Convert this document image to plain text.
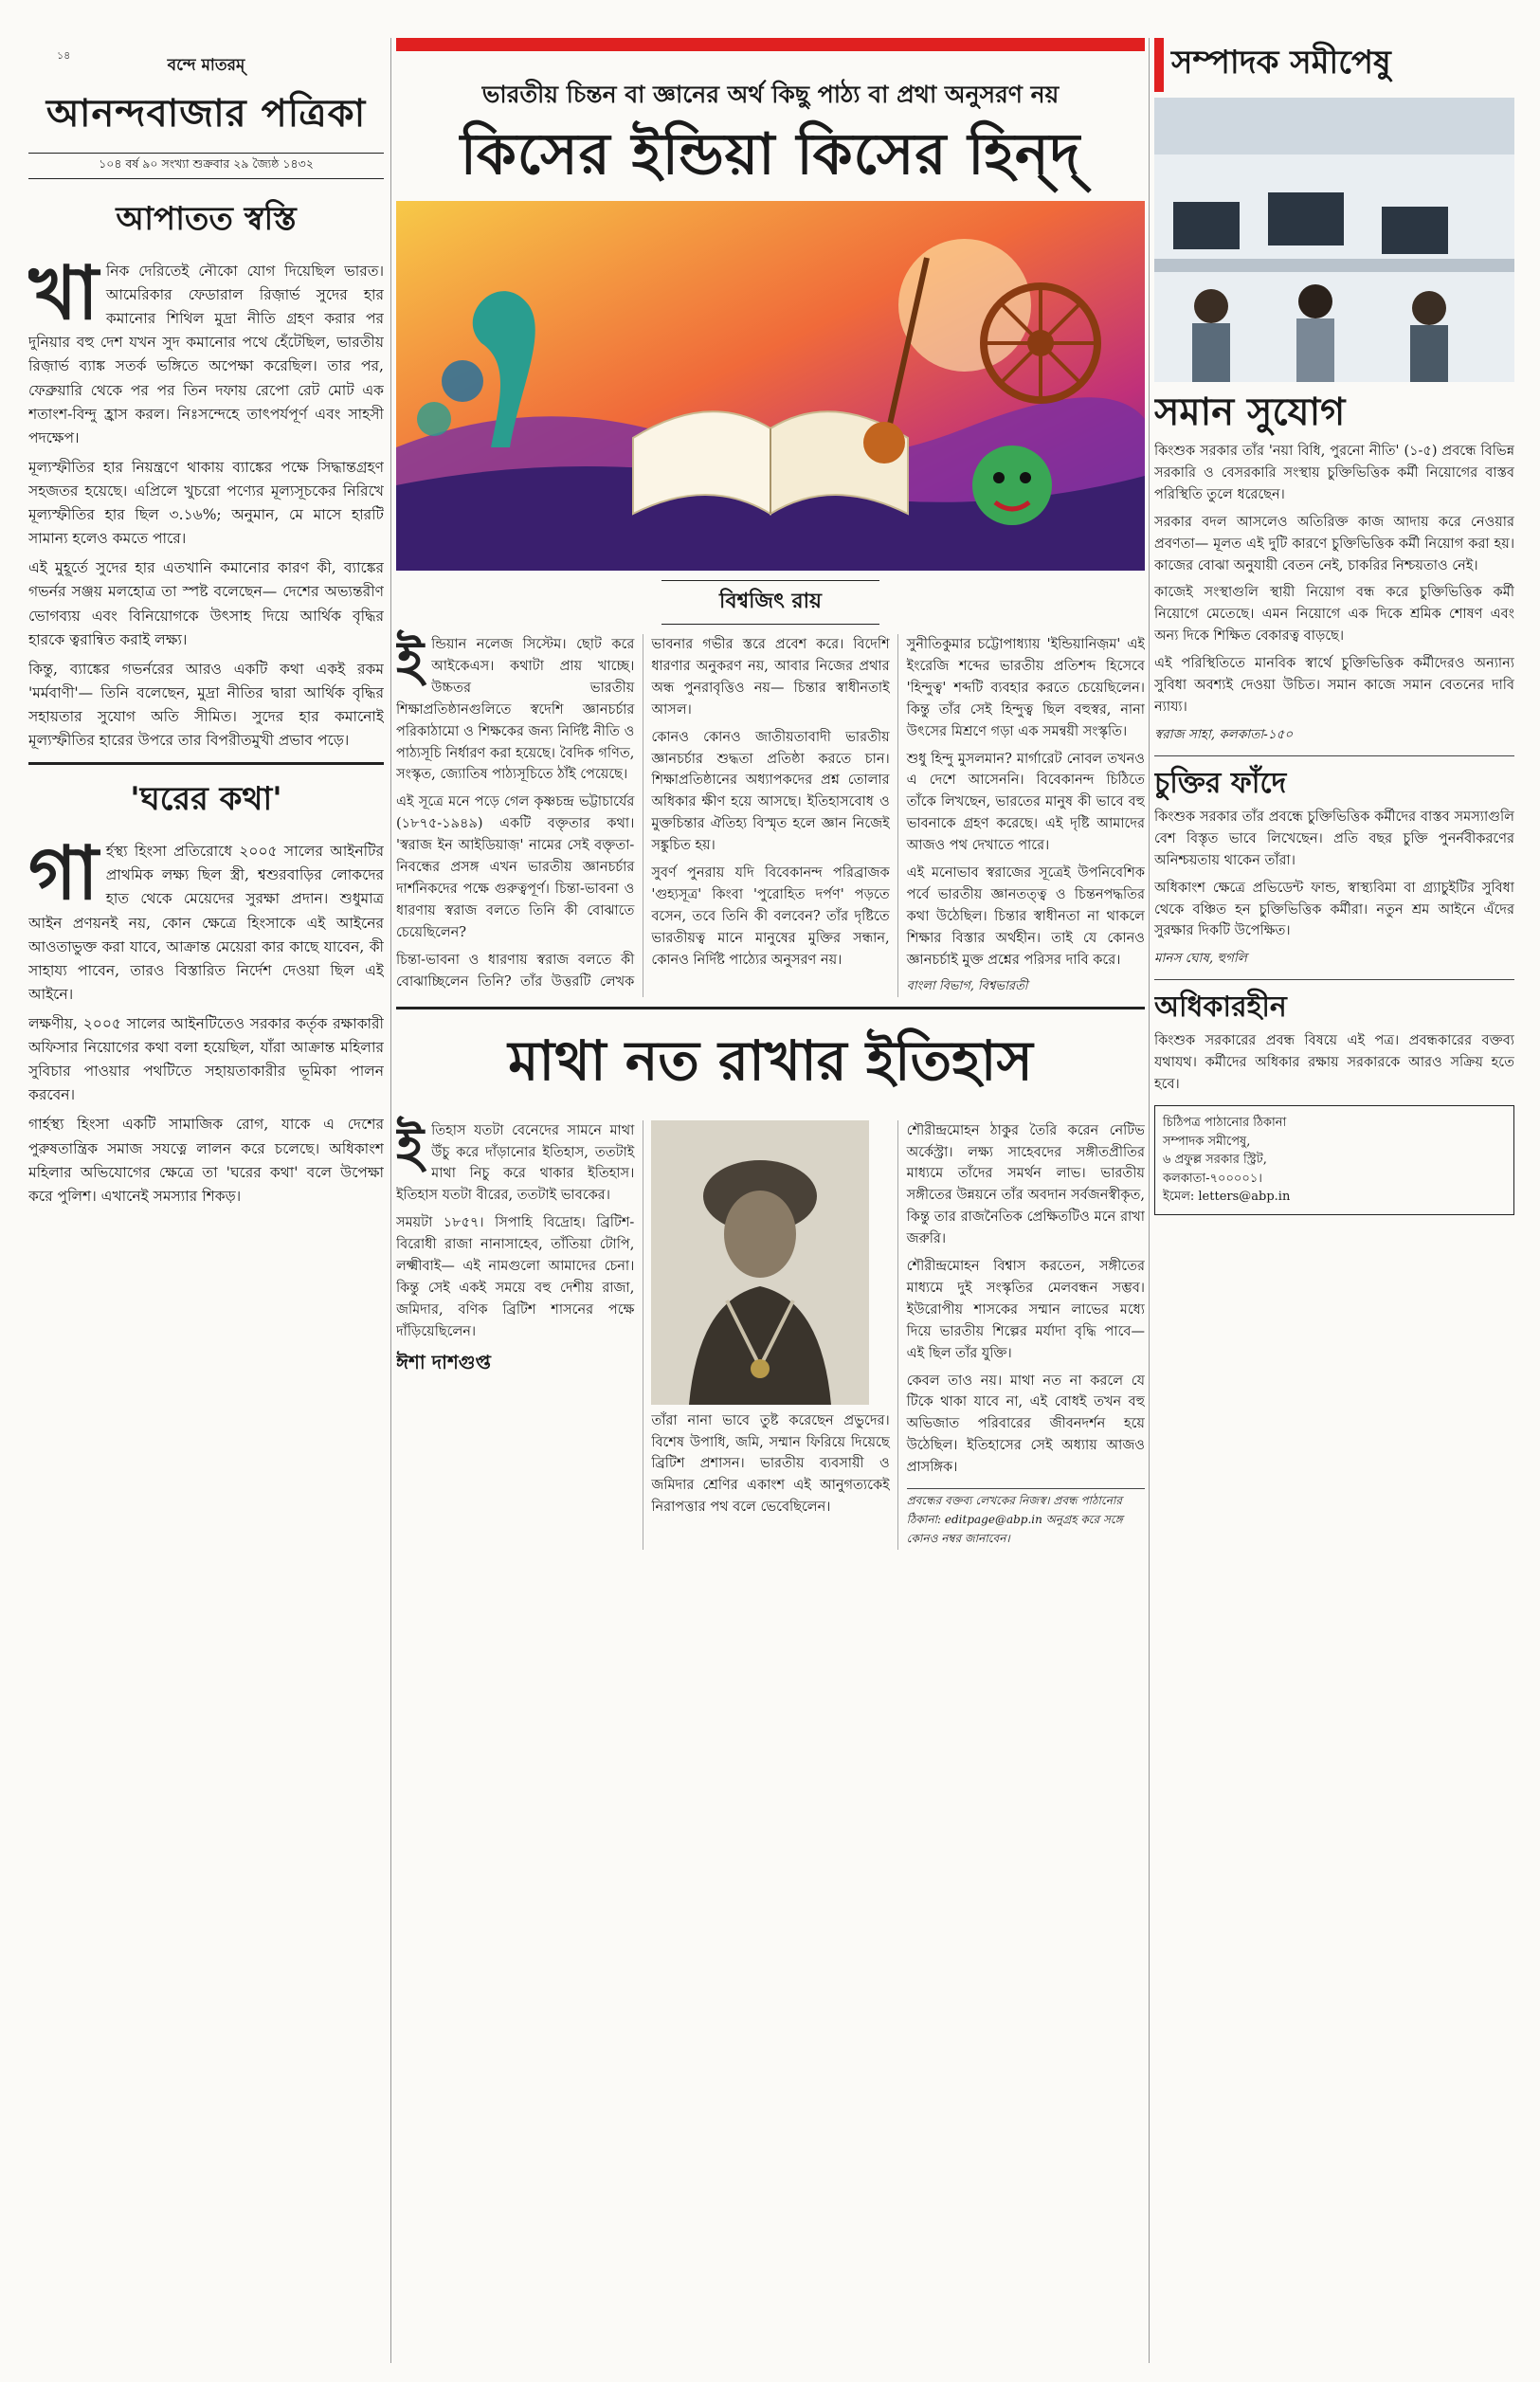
১৪
বন্দে মাতরম্
আনন্দবাজার পত্রিকা
১০৪ বর্ষ ৯০ সংখ্যা শুক্রবার ২৯ জ্যৈষ্ঠ ১৪৩২
আপাতত স্বস্তি

খানিক দেরিতেই নৌকো যোগ দিয়েছিল ভারত। আমেরিকার ফেডারাল রিজ়ার্ভ সুদের হার কমানোর শিথিল মুদ্রা নীতি গ্রহণ করার পর দুনিয়ার বহু দেশ যখন সুদ কমানোর পথে হেঁটেছিল, ভারতীয় রিজ়ার্ভ ব্যাঙ্ক সতর্ক ভঙ্গিতে অপেক্ষা করেছিল। তার পর, ফেব্রুয়ারি থেকে পর পর তিন দফায় রেপো রেট মোট এক শতাংশ-বিন্দু হ্রাস করল। নিঃসন্দেহে তাৎপর্যপূর্ণ এবং সাহসী পদক্ষেপ।

মূল্যস্ফীতির হার নিয়ন্ত্রণে থাকায় ব্যাঙ্কের পক্ষে সিদ্ধান্তগ্রহণ সহজতর হয়েছে। এপ্রিলে খুচরো পণ্যের মূল্যসূচকের নিরিখে মূল্যস্ফীতির হার ছিল ৩.১৬%; অনুমান, মে মাসে হারটি সামান্য হলেও কমতে পারে।

এই মুহূর্তে সুদের হার এতখানি কমানোর কারণ কী, ব্যাঙ্কের গভর্নর সঞ্জয় মলহোত্র তা স্পষ্ট বলেছেন— দেশের অভ্যন্তরীণ ভোগব্যয় এবং বিনিয়োগকে উৎসাহ দিয়ে আর্থিক বৃদ্ধির হারকে ত্বরান্বিত করাই লক্ষ্য।

কিন্তু, ব্যাঙ্কের গভর্নরের আরও একটি কথা একই রকম 'মর্মবাণী'— তিনি বলেছেন, মুদ্রা নীতির দ্বারা আর্থিক বৃদ্ধির সহায়তার সুযোগ অতি সীমিত। সুদের হার কমানোই মূল্যস্ফীতির হারের উপরে তার বিপরীতমুখী প্রভাব পড়ে।

'ঘরের কথা'

গার্হস্থ্য হিংসা প্রতিরোধে ২০০৫ সালের আইনটির প্রাথমিক লক্ষ্য ছিল স্ত্রী, শ্বশুরবাড়ির লোকদের হাত থেকে মেয়েদের সুরক্ষা প্রদান। শুধুমাত্র আইন প্রণয়নই নয়, কোন ক্ষেত্রে হিংসাকে এই আইনের আওতাভুক্ত করা যাবে, আক্রান্ত মেয়েরা কার কাছে যাবেন, কী সাহায্য পাবেন, তারও বিস্তারিত নির্দেশ দেওয়া ছিল এই আইনে।

লক্ষণীয়, ২০০৫ সালের আইনটিতেও সরকার কর্তৃক রক্ষাকারী অফিসার নিয়োগের কথা বলা হয়েছিল, যাঁরা আক্রান্ত মহিলার সুবিচার পাওয়ার পথটিতে সহায়তাকারীর ভূমিকা পালন করবেন।

গার্হস্থ্য হিংসা একটি সামাজিক রোগ, যাকে এ দেশের পুরুষতান্ত্রিক সমাজ সযত্নে লালন করে চলেছে। অধিকাংশ মহিলার অভিযোগের ক্ষেত্রে তা 'ঘরের কথা' বলে উপেক্ষা করে পুলিশ। এখানেই সমস্যার শিকড়।

ভারতীয় চিন্তন বা জ্ঞানের অর্থ কিছু পাঠ্য বা প্রথা অনুসরণ নয়
কিসের ইন্ডিয়া কিসের হিন্দ্
বিশ্বজিৎ রায়

ইন্ডিয়ান নলেজ সিস্টেম। ছোট করে আইকেএস। কথাটা প্রায় খাচ্ছে। উচ্চতর ভারতীয় শিক্ষাপ্রতিষ্ঠানগুলিতে স্বদেশি জ্ঞানচর্চার পরিকাঠামো ও শিক্ষকের জন্য নির্দিষ্ট নীতি ও পাঠ্যসূচি নির্ধারণ করা হয়েছে। বৈদিক গণিত, সংস্কৃত, জ্যোতিষ পাঠ্যসূচিতে ঠাঁই পেয়েছে।

এই সূত্রে মনে পড়ে গেল কৃষ্ণচন্দ্র ভট্টাচার্যের (১৮৭৫-১৯৪৯) একটি বক্তৃতার কথা। 'স্বরাজ ইন আইডিয়াজ়' নামের সেই বক্তৃতা-নিবন্ধের প্রসঙ্গ এখন ভারতীয় জ্ঞানচর্চার দার্শনিকদের পক্ষে গুরুত্বপূর্ণ। চিন্তা-ভাবনা ও ধারণায় স্বরাজ বলতে তিনি কী বোঝাতে চেয়েছিলেন?

চিন্তা-ভাবনা ও ধারণায় স্বরাজ বলতে কী বোঝাচ্ছিলেন তিনি? তাঁর উত্তরটি লেখক ভাবনার গভীর স্তরে প্রবেশ করে। বিদেশি ধারণার অনুকরণ নয়, আবার নিজের প্রথার অন্ধ পুনরাবৃত্তিও নয়— চিন্তার স্বাধীনতাই আসল।

কোনও কোনও জাতীয়তাবাদী ভারতীয় জ্ঞানচর্চার শুদ্ধতা প্রতিষ্ঠা করতে চান। শিক্ষাপ্রতিষ্ঠানের অধ্যাপকদের প্রশ্ন তোলার অধিকার ক্ষীণ হয়ে আসছে। ইতিহাসবোধ ও মুক্তচিন্তার ঐতিহ্য বিস্মৃত হলে জ্ঞান নিজেই সঙ্কুচিত হয়।

সুবর্ণ পুনরায় যদি বিবেকানন্দ পরিব্রাজক 'গুহ্যসূত্র' কিংবা 'পুরোহিত দর্পণ' পড়তে বসেন, তবে তিনি কী বলবেন? তাঁর দৃষ্টিতে ভারতীয়ত্ব মানে মানুষের মুক্তির সন্ধান, কোনও নির্দিষ্ট পাঠ্যের অনুসরণ নয়।

সুনীতিকুমার চট্টোপাধ্যায় 'ইন্ডিয়ানিজ়ম' এই ইংরেজি শব্দের ভারতীয় প্রতিশব্দ হিসেবে 'হিন্দুত্ব' শব্দটি ব্যবহার করতে চেয়েছিলেন। কিন্তু তাঁর সেই হিন্দুত্ব ছিল বহুস্বর, নানা উৎসের মিশ্রণে গড়া এক সমন্বয়ী সংস্কৃতি।

শুধু হিন্দু মুসলমান? মার্গারেট নোবল তখনও এ দেশে আসেননি। বিবেকানন্দ চিঠিতে তাঁকে লিখছেন, ভারতের মানুষ কী ভাবে বহু ভাবনাকে গ্রহণ করেছে। এই দৃষ্টি আমাদের আজও পথ দেখাতে পারে।

এই মনোভাব স্বরাজের সূত্রেই উপনিবেশিক পর্বে ভারতীয় জ্ঞানতত্ত্ব ও চিন্তনপদ্ধতির কথা উঠেছিল। চিন্তার স্বাধীনতা না থাকলে শিক্ষার বিস্তার অর্থহীন। তাই যে কোনও জ্ঞানচর্চাই মুক্ত প্রশ্নের পরিসর দাবি করে।

বাংলা বিভাগ, বিশ্বভারতী
মাথা নত রাখার ইতিহাস

ইতিহাস যতটা বেনেদের সামনে মাথা উঁচু করে দাঁড়ানোর ইতিহাস, ততটাই মাথা নিচু করে থাকার ইতিহাস। ইতিহাস যতটা বীরের, ততটাই ভাবকের।

সময়টা ১৮৫৭। সিপাহি বিদ্রোহ। ব্রিটিশ-বিরোধী রাজা নানাসাহেব, তাঁতিয়া টোপি, লক্ষ্মীবাই— এই নামগুলো আমাদের চেনা। কিন্তু সেই একই সময়ে বহু দেশীয় রাজা, জমিদার, বণিক ব্রিটিশ শাসনের পক্ষে দাঁড়িয়েছিলেন।

ঈশা দাশগুপ্ত

তাঁরা নানা ভাবে তুষ্ট করেছেন প্রভুদের। বিশেষ উপাধি, জমি, সম্মান ফিরিয়ে দিয়েছে ব্রিটিশ প্রশাসন। ভারতীয় ব্যবসায়ী ও জমিদার শ্রেণির একাংশ এই আনুগত্যকেই নিরাপত্তার পথ বলে ভেবেছিলেন।

শৌরীন্দ্রমোহন ঠাকুর তৈরি করেন নেটিভ অর্কেস্ট্রা। লক্ষ্য সাহেবদের সঙ্গীতপ্রীতির মাধ্যমে তাঁদের সমর্থন লাভ। ভারতীয় সঙ্গীতের উন্নয়নে তাঁর অবদান সর্বজনস্বীকৃত, কিন্তু তার রাজনৈতিক প্রেক্ষিতটিও মনে রাখা জরুরি।

শৌরীন্দ্রমোহন বিশ্বাস করতেন, সঙ্গীতের মাধ্যমে দুই সংস্কৃতির মেলবন্ধন সম্ভব। ইউরোপীয় শাসকের সম্মান লাভের মধ্যে দিয়ে ভারতীয় শিল্পের মর্যাদা বৃদ্ধি পাবে— এই ছিল তাঁর যুক্তি।

কেবল তাও নয়। মাথা নত না করলে যে টিকে থাকা যাবে না, এই বোধই তখন বহু অভিজাত পরিবারের জীবনদর্শন হয়ে উঠেছিল। ইতিহাসের সেই অধ্যায় আজও প্রাসঙ্গিক।

প্রবন্ধের বক্তব্য লেখকের নিজস্ব। প্রবন্ধ পাঠানোর ঠিকানা: editpage@abp.in অনুগ্রহ করে সঙ্গে কোনও নম্বর জানাবেন।
সম্পাদক সমীপেষু
সমান সুযোগ

কিংশুক সরকার তাঁর 'নয়া বিধি, পুরনো নীতি' (১-৫) প্রবন্ধে বিভিন্ন সরকারি ও বেসরকারি সংস্থায় চুক্তিভিত্তিক কর্মী নিয়োগের বাস্তব পরিস্থিতি তুলে ধরেছেন।

সরকার বদল আসলেও অতিরিক্ত কাজ আদায় করে নেওয়ার প্রবণতা— মূলত এই দুটি কারণে চুক্তিভিত্তিক কর্মী নিয়োগ করা হয়। কাজের বোঝা অনুযায়ী বেতন নেই, চাকরির নিশ্চয়তাও নেই।

কাজেই সংস্থাগুলি স্থায়ী নিয়োগ বন্ধ করে চুক্তিভিত্তিক কর্মী নিয়োগে মেতেছে। এমন নিয়োগে এক দিকে শ্রমিক শোষণ এবং অন্য দিকে শিক্ষিত বেকারত্ব বাড়ছে।

এই পরিস্থিতিতে মানবিক স্বার্থে চুক্তিভিত্তিক কর্মীদেরও অন্যান্য সুবিধা অবশ্যই দেওয়া উচিত। সমান কাজে সমান বেতনের দাবি ন্যায্য।

স্বরাজ সাহা, কলকাতা-১৫০
চুক্তির ফাঁদে

কিংশুক সরকার তাঁর প্রবন্ধে চুক্তিভিত্তিক কর্মীদের বাস্তব সমস্যাগুলি বেশ বিস্তৃত ভাবে লিখেছেন। প্রতি বছর চুক্তি পুনর্নবীকরণের অনিশ্চয়তায় থাকেন তাঁরা।

অধিকাংশ ক্ষেত্রে প্রভিডেন্ট ফান্ড, স্বাস্থ্যবিমা বা গ্র্যাচুইটির সুবিধা থেকে বঞ্চিত হন চুক্তিভিত্তিক কর্মীরা। নতুন শ্রম আইনে এঁদের সুরক্ষার দিকটি উপেক্ষিত।

মানস ঘোষ, হুগলি
অধিকারহীন

কিংশুক সরকারের প্রবন্ধ বিষয়ে এই পত্র। প্রবন্ধকারের বক্তব্য যথাযথ। কর্মীদের অধিকার রক্ষায় সরকারকে আরও সক্রিয় হতে হবে।

চিঠিপত্র পাঠানোর ঠিকানা
সম্পাদক সমীপেষু,
৬ প্রফুল্ল সরকার স্ট্রিট,
কলকাতা-৭০০০০১।
ইমেল: letters@abp.in
